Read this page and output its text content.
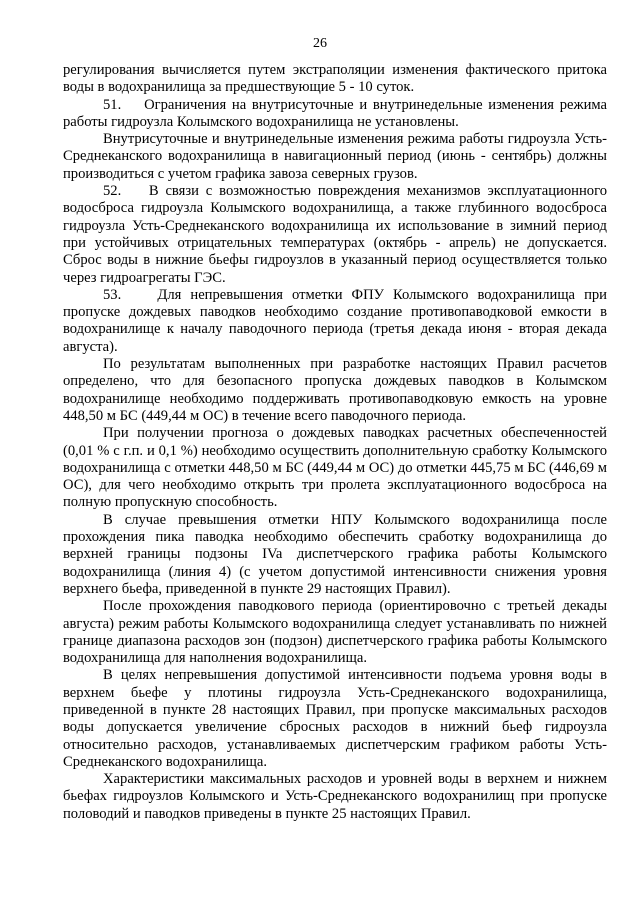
26

регулирования вычисляется путем экстраполяции изменения фактического притока воды в водохранилища за предшествующие 5 - 10 суток.

51.    Ограничения на внутрисуточные и внутринедельные изменения режима работы гидроузла Колымского водохранилища не установлены.

Внутрисуточные и внутринедельные изменения режима работы гидроузла Усть-Среднеканского водохранилища в навигационный период (июнь - сентябрь) должны производиться с учетом графика завоза северных грузов.

52.    В связи с возможностью повреждения механизмов эксплуатационного водосброса гидроузла Колымского водохранилища, а также глубинного водосброса гидроузла Усть-Среднеканского водохранилища их использование в зимний период при устойчивых отрицательных температурах (октябрь - апрель) не допускается. Сброс воды в нижние бьефы гидроузлов в указанный период осуществляется только через гидроагрегаты ГЭС.

53.    Для непревышения отметки ФПУ Колымского водохранилища при пропуске дождевых паводков необходимо создание противопаводковой емкости в водохранилище к началу паводочного периода (третья декада июня - вторая декада августа).

По результатам выполненных при разработке настоящих Правил расчетов определено, что для безопасного пропуска дождевых паводков в Колымском водохранилище необходимо поддерживать противопаводковую емкость на уровне 448,50 м БС (449,44 м ОС) в течение всего паводочного периода.

При получении прогноза о дождевых паводках расчетных обеспеченностей (0,01 % с г.п. и 0,1 %) необходимо осуществить дополнительную сработку Колымского водохранилища с отметки 448,50 м БС (449,44 м ОС) до отметки 445,75 м БС (446,69 м ОС), для чего необходимо открыть три пролета эксплуатационного водосброса на полную пропускную способность.

В случае превышения отметки НПУ Колымского водохранилища после прохождения пика паводка необходимо обеспечить сработку водохранилища до верхней границы подзоны IVa диспетчерского графика работы Колымского водохранилища (линия 4) (с учетом допустимой интенсивности снижения уровня верхнего бьефа, приведенной в пункте 29 настоящих Правил).

После прохождения паводкового периода (ориентировочно с третьей декады августа) режим работы Колымского водохранилища следует устанавливать по нижней границе диапазона расходов зон (подзон) диспетчерского графика работы Колымского водохранилища для наполнения водохранилища.

В целях непревышения допустимой интенсивности подъема уровня воды в верхнем бьефе у плотины гидроузла Усть-Среднеканского водохранилища, приведенной в пункте 28 настоящих Правил, при пропуске максимальных расходов воды допускается увеличение сбросных расходов в нижний бьеф гидроузла относительно расходов, устанавливаемых диспетчерским графиком работы Усть-Среднеканского водохранилища.

Характеристики максимальных расходов и уровней воды в верхнем и нижнем бьефах гидроузлов Колымского и Усть-Среднеканского водохранилищ при пропуске половодий и паводков приведены в пункте 25 настоящих Правил.
